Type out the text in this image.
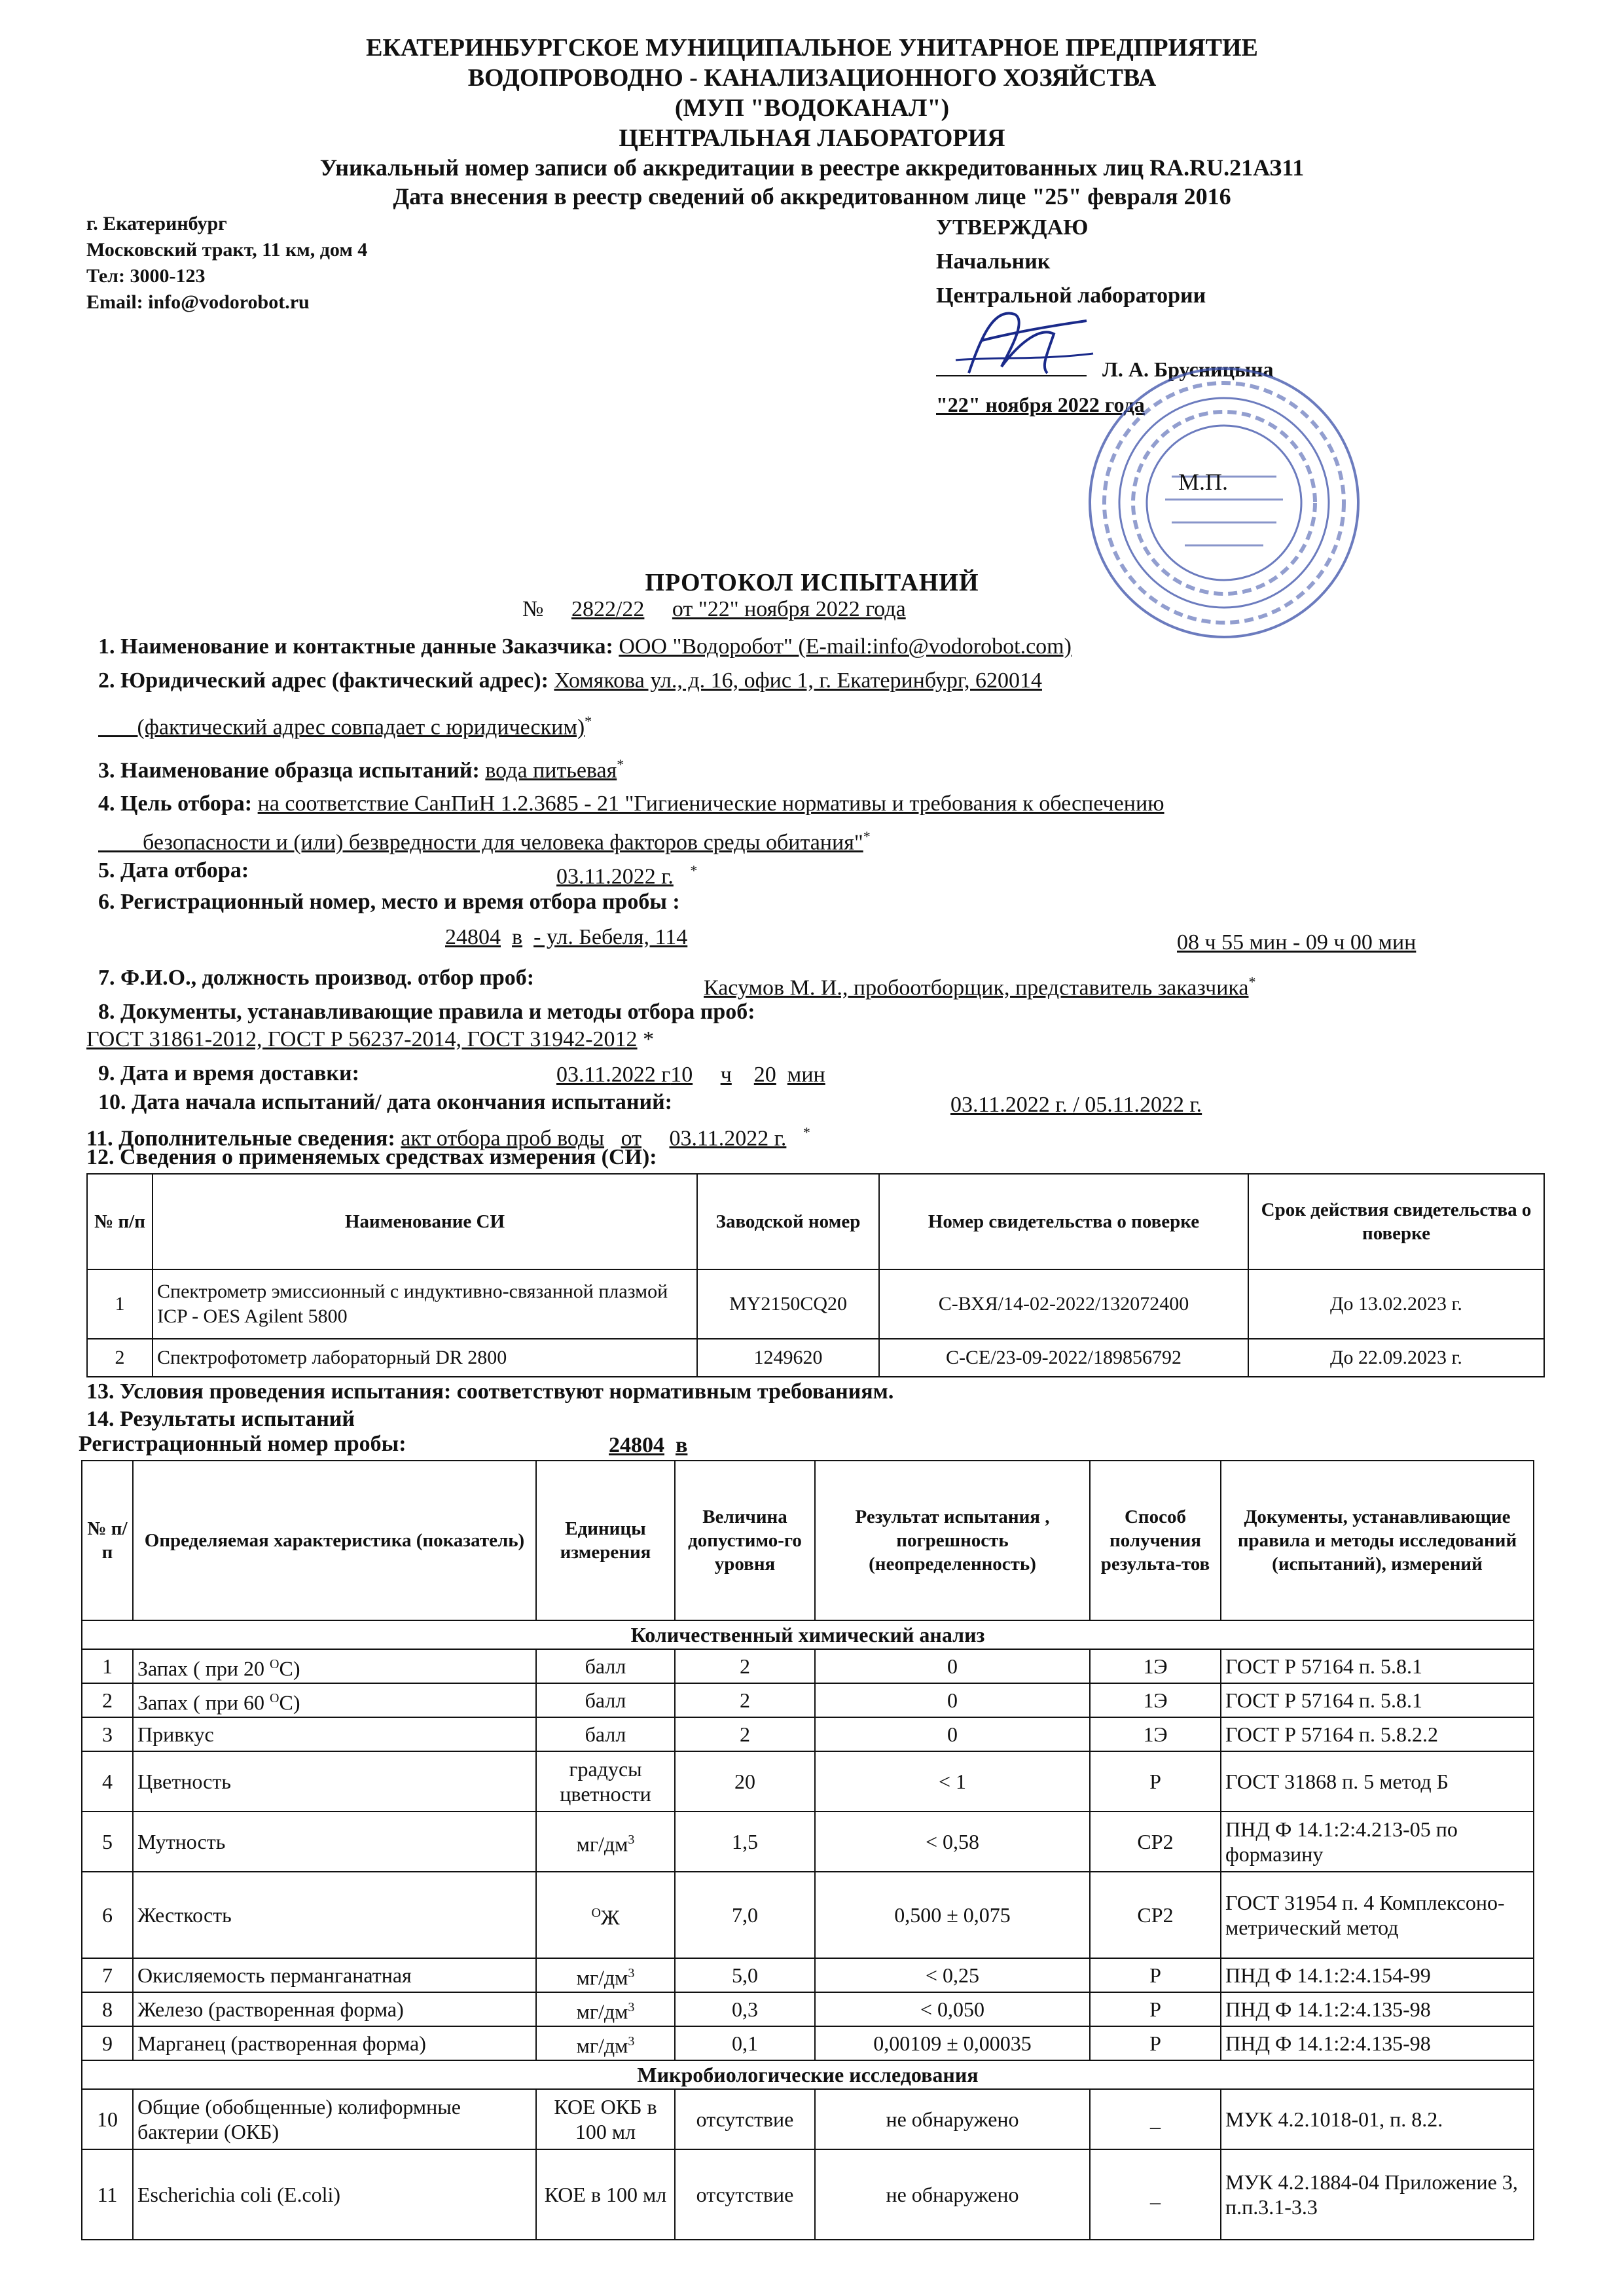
ЕКАТЕРИНБУРГСКОЕ МУНИЦИПАЛЬНОЕ УНИТАРНОЕ ПРЕДПРИЯТИЕ
ВОДОПРОВОДНО - КАНАЛИЗАЦИОННОГО ХОЗЯЙСТВА
(МУП "ВОДОКАНАЛ")
ЦЕНТРАЛЬНАЯ ЛАБОРАТОРИЯ
Уникальный номер записи об аккредитации в реестре аккредитованных лиц RA.RU.21АЗ11
Дата внесения в реестр сведений об аккредитованном лице "25" февраля 2016
г. Екатеринбург
Московский тракт, 11 км, дом 4
Тел: 3000-123
Email: info@vodorobot.ru
УТВЕРЖДАЮ
Начальник
Центральной лаборатории
Л. А. Брусницына
"22" ноября 2022 года
М.П.
ПРОТОКОЛ ИСПЫТАНИЙ
№ 2822/22 от "22" ноября 2022 года
1. Наименование и контактные данные Заказчика: ООО "Водоробот" (E-mail:info@vodorobot.com)
2. Юридический адрес (фактический адрес): Хомякова ул., д. 16, офис 1, г. Екатеринбург, 620014
(фактический адрес совпадает с юридическим)*
3. Наименование образца испытаний: вода питьевая*
4. Цель отбора: на соответствие СанПиН 1.2.3685 - 21 "Гигиенические нормативы и требования к обеспечению
безопасности и (или) безвредности для человека факторов среды обитания"*
5. Дата отбора:	03.11.2022 г. *
6. Регистрационный номер, место и время отбора пробы :
24804 в - ул. Бебеля, 114	08 ч 55 мин - 09 ч 00 мин
7. Ф.И.О., должность производ. отбор проб:	Касумов М. И., пробоотборщик, представитель заказчика*
8. Документы, устанавливающие правила и методы отбора проб:
ГОСТ 31861-2012, ГОСТ Р 56237-2014, ГОСТ 31942-2012 *
9. Дата и время доставки:	03.11.2022 г10 ч 20 мин
10. Дата начала испытаний/ дата окончания испытаний:	03.11.2022 г. / 05.11.2022 г.
11. Дополнительные сведения: акт отбора проб воды от 03.11.2022 г. *
12. Сведения о применяемых средствах измерения (СИ):
№ п/п	Наименование СИ	Заводской номер	Номер свидетельства о поверке	Срок действия свидетельства о поверке
1	Спектрометр эмиссионный с индуктивно-связанной плазмой ICP - OES Agilent 5800	MY2150CQ20	С-ВХЯ/14-02-2022/132072400	До 13.02.2023 г.
2	Спектрофотометр лабораторный DR 2800	1249620	С-СЕ/23-09-2022/189856792	До 22.09.2023 г.
13. Условия проведения испытания: соответствуют нормативным требованиям.
14. Результаты испытаний
Регистрационный номер пробы:	24804 в
№ п/п	Определяемая характеристика (показатель)	Единицы измерения	Величина допустимо-го уровня	Результат испытания , погрешность (неопределенность)	Способ получения результа-тов	Документы, устанавливающие правила и методы исследований (испытаний), измерений
Количественный химический анализ						
1	Запах ( при 20 $^O$C)	балл	2	0	1Э	ГОСТ Р 57164 п. 5.8.1
2	Запах ( при 60 $^O$C)	балл	2	0	1Э	ГОСТ Р 57164 п. 5.8.1
3	Привкус	балл	2	0	1Э	ГОСТ Р 57164 п. 5.8.2.2
4	Цветность	градусы цветности	20	< 1	Р	ГОСТ 31868 п. 5 метод Б
5	Мутность	$мг/дм^3$	1,5	< 0,58	СР2	ПНД Ф 14.1:2:4.213-05 по формазину
6	Жесткость	$^O$Ж	7,0	0,500 ± 0,075	СР2	ГОСТ 31954 п. 4 Комплексоно-метрический метод
7	Окисляемость перманганатная	$мг/дм^3$	5,0	< 0,25	Р	ПНД Ф 14.1:2:4.154-99
8	Железо (растворенная форма)	$мг/дм^3$	0,3	< 0,050	Р	ПНД Ф 14.1:2:4.135-98
9	Марганец (растворенная форма)	$мг/дм^3$	0,1	0,00109 ± 0,00035	Р	ПНД Ф 14.1:2:4.135-98
Микробиологические исследования						
10	Общие (обобщенные) колиформные бактерии (ОКБ)	КОЕ ОКБ в 100 мл	отсутствие	не обнаружено	_	МУК 4.2.1018-01, п. 8.2.
11	Escherichia coli (E.coli)	КОЕ в 100 мл	отсутствие	не обнаружено	_	МУК 4.2.1884-04 Приложение 3, п.п.3.1-3.3
